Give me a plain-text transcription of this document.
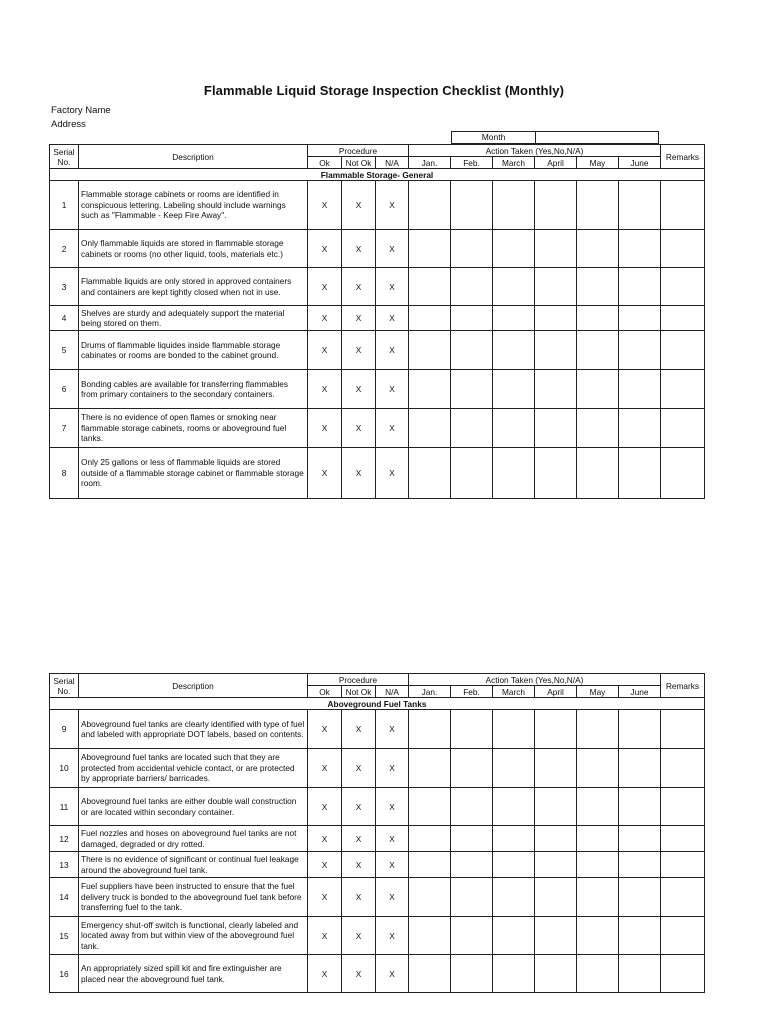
Flammable Liquid Storage Inspection Checklist (Monthly)
Factory Name
Address
Month
Serial No.	Description	Procedure			Action Taken (Yes,No,N/A)						Remarks
		Ok	Not Ok	N/A	Jan.	Feb.	March	April	May	June	
Flammable Storage- General											
1	Flammable storage cabinets or rooms are identified in conspicuous lettering. Labeling should include warnings such as "Flammable - Keep Fire Away".	X	X	X							
2	Only flammable liquids are stored in flammable storage cabinets or rooms (no other liquid, tools, materials etc.)	X	X	X							
3	Flammable liquids are only stored in approved containers and containers are kept tightly closed when not in use.	X	X	X							
4	Shelves are sturdy and adequately support the material being stored on them.	X	X	X							
5	Drums of flammable liquides inside flammable storage cabinates or rooms are bonded to the cabinet ground.	X	X	X							
6	Bonding cables are available for transferring flammables from primary containers to the secondary containers.	X	X	X							
7	There is no evidence of open flames or smoking near flammable storage cabinets, rooms or aboveground fuel tanks.	X	X	X							
8	Only 25 gallons or less of flammable liquids are stored outside of a flammable storage cabinet or flammable storage room.	X	X	X							
Serial No.	Description	Procedure			Action Taken (Yes,No,N/A)						Remarks
		Ok	Not Ok	N/A	Jan.	Feb.	March	April	May	June	
Aboveground Fuel Tanks											
9	Aboveground fuel tanks are clearly identified with type of fuel and labeled with appropriate DOT labels, based on contents.	X	X	X							
10	Aboveground fuel tanks are located such that they are protected from accidental vehicle contact, or are protected by appropriate barriers/ barricades.	X	X	X							
11	Aboveground fuel tanks are either double wall construction or are located within secondary container.	X	X	X							
12	Fuel nozzles and hoses on aboveground fuel tanks are not damaged, degraded or dry rotted.	X	X	X							
13	There is no evidence of significant or continual fuel leakage around the aboveground fuel tank.	X	X	X							
14	Fuel suppliers have been instructed to ensure that the fuel delivery truck is bonded to the aboveground fuel tank before transferring fuel to the tank.	X	X	X							
15	Emergency shut-off switch is functional, clearly labeled and located away from but within view of the aboveground fuel tank.	X	X	X							
16	An appropriately sized spill kit and fire extinguisher are placed near the aboveground fuel tank.	X	X	X							
